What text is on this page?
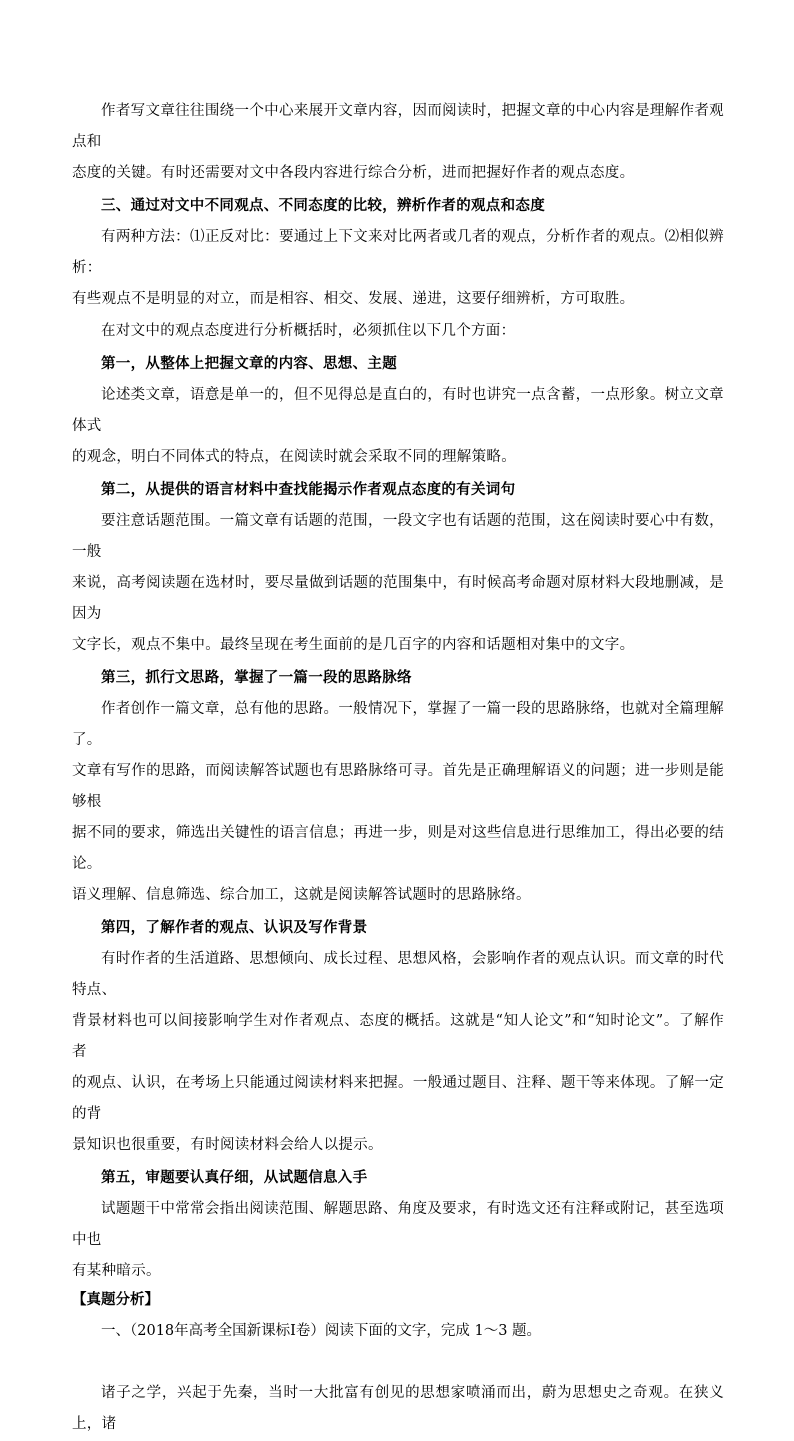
作者写文章往往围绕一个中心来展开文章内容，因而阅读时，把握文章的中心内容是理解作者观点和
态度的关键。有时还需要对文中各段内容进行综合分析，进而把握好作者的观点态度。

三、通过对文中不同观点、不同态度的比较，辨析作者的观点和态度

有两种方法：⑴正反对比：要通过上下文来对比两者或几者的观点，分析作者的观点。⑵相似辨析：
有些观点不是明显的对立，而是相容、相交、发展、递进，这要仔细辨析，方可取胜。

在对文中的观点态度进行分析概括时，必须抓住以下几个方面：

第一，从整体上把握文章的内容、思想、主题

论述类文章，语意是单一的，但不见得总是直白的，有时也讲究一点含蓄，一点形象。树立文章体式
的观念，明白不同体式的特点，在阅读时就会采取不同的理解策略。

第二，从提供的语言材料中查找能揭示作者观点态度的有关词句

要注意话题范围。一篇文章有话题的范围，一段文字也有话题的范围，这在阅读时要心中有数，一般
来说，高考阅读题在选材时，要尽量做到话题的范围集中，有时候高考命题对原材料大段地删减，是因为
文字长，观点不集中。最终呈现在考生面前的是几百字的内容和话题相对集中的文字。

第三，抓行文思路，掌握了一篇一段的思路脉络

作者创作一篇文章，总有他的思路。一般情况下，掌握了一篇一段的思路脉络，也就对全篇理解了。
文章有写作的思路，而阅读解答试题也有思路脉络可寻。首先是正确理解语义的问题；进一步则是能够根
据不同的要求，筛选出关键性的语言信息；再进一步，则是对这些信息进行思维加工，得出必要的结论。
语义理解、信息筛选、综合加工，这就是阅读解答试题时的思路脉络。

第四，了解作者的观点、认识及写作背景

有时作者的生活道路、思想倾向、成长过程、思想风格，会影响作者的观点认识。而文章的时代特点、
背景材料也可以间接影响学生对作者观点、态度的概括。这就是“知人论文”和“知时论文”。了解作者
的观点、认识，在考场上只能通过阅读材料来把握。一般通过题目、注释、题干等来体现。了解一定的背
景知识也很重要，有时阅读材料会给人以提示。

第五，审题要认真仔细，从试题信息入手

试题题干中常常会指出阅读范围、解题思路、角度及要求，有时选文还有注释或附记，甚至选项中也
有某种暗示。

【真题分析】

一、（2018年高考全国新课标Ⅰ卷）阅读下面的文字，完成 1～3 题。

诸子之学，兴起于先秦，当时一大批富有创见的思想家喷涌而出，蔚为思想史之奇观。在狭义上，诸
